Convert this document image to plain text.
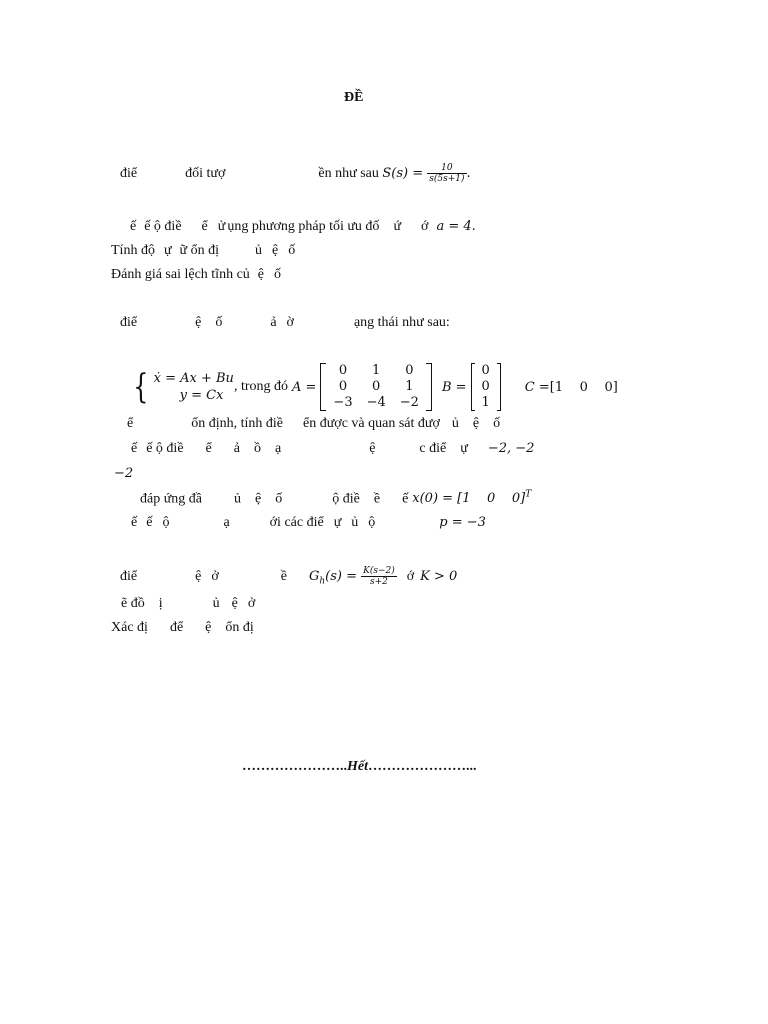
ĐỀ
điể	đối tượ	ền như sau $S(s) = \frac{10}{s(5s+1)}$ .
ế ế ộ điề ể ử ụng phương pháp tối ưu đố ứ ớ a = 4.
Tính độ ự ữ ổn đị	ủ ệ ố
Đánh giá sai lệch tĩnh củ ệ ố
điể	ệ ố	ả ờ	ạng thái như sau:
{ ẋ = Ax + Bu
y = Cx
, trong đó A =
0	1	0
0	0	1
−3	−4	−2
B =
0
0
1
C = [1    0    0]
ể	ổn định, tính điề ển được và quan sát đượ ủ ệ ố
ế ế ộ điề ể ả ồ ạ	ệ	c điể ự −2, −2
−2
đáp ứng đầ ủ ệ ố	ộ điề ề ế x(0) = [1    0    0]$^T$
ế ế ộ	ạ	ới các điể ự ủ ộ	p = −3
điể	ệ ở	ề $G_h(s) = \frac{K(s-2)}{s+2}$ ớ K > 0
ẽ đồ ị	ủ ệ ở
Xác đị để ệ ổn đị
…………………..Hết…………………...
